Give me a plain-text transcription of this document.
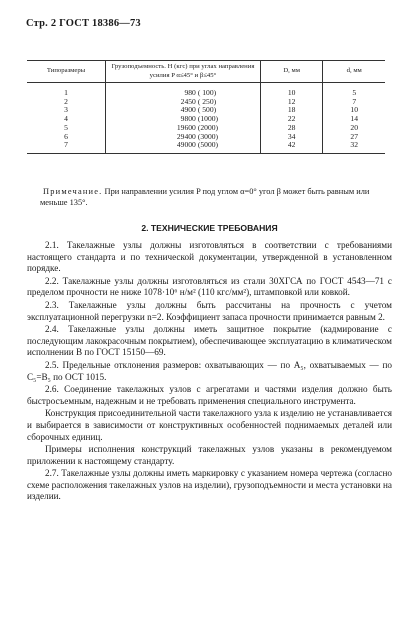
Стр. 2 ГОСТ 18386—73
Типоразмеры	Грузоподъемность. Н (кгс) при углах направления усилия P α≤45° и β≤45°	D, мм	d, мм
1	980 ( 100)	10	5
2	2450 ( 250)	12	7
3	4900 ( 500)	18	10
4	9800 (1000)	22	14
5	19600 (2000)	28	20
6	29400 (3000)	34	27
7	49000 (5000)	42	32
Примечание. При направлении усилия P под углом α=0° угол β может быть равным или меньше 135°.
2. ТЕХНИЧЕСКИЕ ТРЕБОВАНИЯ

2.1. Такелажные узлы должны изготовляться в соответствии с требованиями настоящего стандарта и по технической документации, утвержденной в установленном порядке.

2.2. Такелажные узлы должны изготовляться из стали 30ХГСА по ГОСТ 4543—71 с пределом прочности не ниже 1078·10⁶ н/м² (110 кгс/мм²), штамповкой или ковкой.

2.3. Такелажные узлы должны быть рассчитаны на прочность с учетом эксплуатационной перегрузки n=2. Коэффициент запаса прочности принимается равным 2.

2.4. Такелажные узлы должны иметь защитное покрытие (кадмирование с последующим лакокрасочным покрытием), обеспечивающее эксплуатацию в климатическом исполнении В по ГОСТ 15150—69.

2.5. Предельные отклонения размеров: охватывающих — по А₅, охватываемых — по C₅=B₅ по ОСТ 1015.

2.6. Соединение такелажных узлов с агрегатами и частями изделия должно быть быстросъемным, надежным и не требовать применения специального инструмента.

Конструкция присоединительной части такелажного узла к изделию не устанавливается и выбирается в зависимости от конструктивных особенностей поднимаемых деталей или сборочных единиц.

Примеры исполнения конструкций такелажных узлов указаны в рекомендуемом приложении к настоящему стандарту.

2.7. Такелажные узлы должны иметь маркировку с указанием номера чертежа (согласно схеме расположения такелажных узлов на изделии), грузоподъемности и места установки на изделии.
